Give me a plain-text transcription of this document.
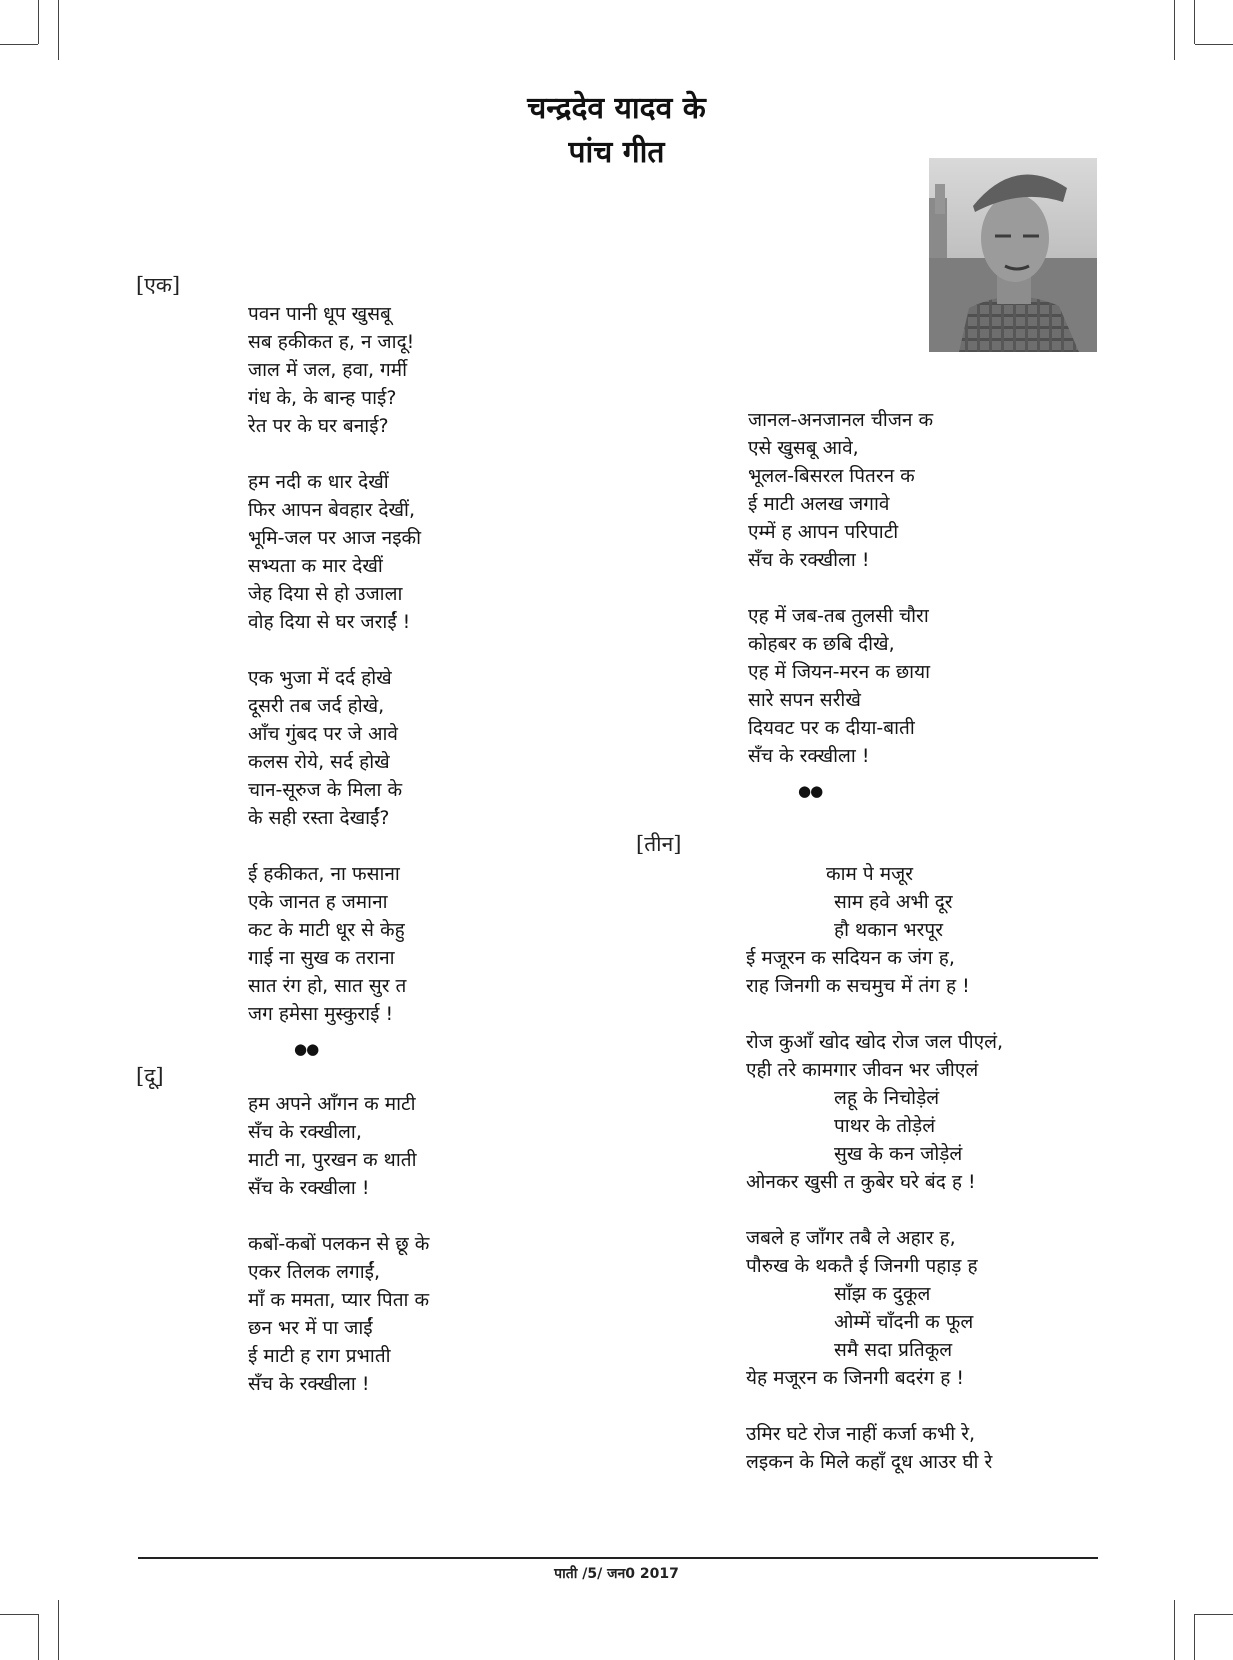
चन्द्रदेव यादव के
पांच गीत
[एक]
[दू]
[तीन]
पवन पानी धूप खुसबू
सब हकीकत ह, न जादू!
जाल में जल, हवा, गर्मी
गंध के, के बान्ह पाई?
रेत पर के घर बनाई?
हम नदी क धार देखीं
फिर आपन बेवहार देखीं,
भूमि-जल पर आज नइकी
सभ्यता क मार देखीं
जेह दिया से हो उजाला
वोह दिया से घर जराईं !
एक भुजा में दर्द होखे
दूसरी तब जर्द होखे,
आँच गुंबद पर जे आवे
कलस रोये, सर्द होखे
चान-सूरुज के मिला के
के सही रस्ता देखाईं?
ई हकीकत, ना फसाना
एके जानत ह जमाना
कट के माटी धूर से केहु
गाई ना सुख क तराना
सात रंग हो, सात सुर त
जग हमेसा मुस्कुराई !
●●
हम अपने आँगन क माटी
सँच के रक्खीला,
माटी ना, पुरखन क थाती
सँच के रक्खीला !
कबों-कबों पलकन से छू के
एकर तिलक लगाईं,
माँ क ममता, प्यार पिता क
छन भर में पा जाईं
ई माटी ह राग प्रभाती
सँच के रक्खीला !
जानल-अनजानल चीजन क
एसे खुसबू आवे,
भूलल-बिसरल पितरन क
ई माटी अलख जगावे
एम्में ह आपन परिपाटी
सँच के रक्खीला !
एह में जब-तब तुलसी चौरा
कोहबर क छबि दीखे,
एह में जियन-मरन क छाया
सारे सपन सरीखे
दियवट पर क दीया-बाती
सँच के रक्खीला !
●●
काम पे मजूर
साम हवे अभी दूर
हौ थकान भरपूर
ई मजूरन क सदियन क जंग ह,
राह जिनगी क सचमुच में तंग ह !
रोज कुआँ खोद खोद रोज जल पीएलं,
एही तरे कामगार जीवन भर जीएलं
लहू के निचोड़ेलं
पाथर के तोड़ेलं
सुख के कन जोड़ेलं
ओनकर खुसी त कुबेर घरे बंद ह !
जबले ह जाँगर तबै ले अहार ह,
पौरुख के थकतै ई जिनगी पहाड़ ह
साँझ क दुकूल
ओम्में चाँदनी क फूल
समै सदा प्रतिकूल
येह मजूरन क जिनगी बदरंग ह !
उमिर घटे रोज नाहीं कर्जा कभी रे,
लइकन के मिले कहाँ दूध आउर घी रे
पाती /5/ जन0 2017
